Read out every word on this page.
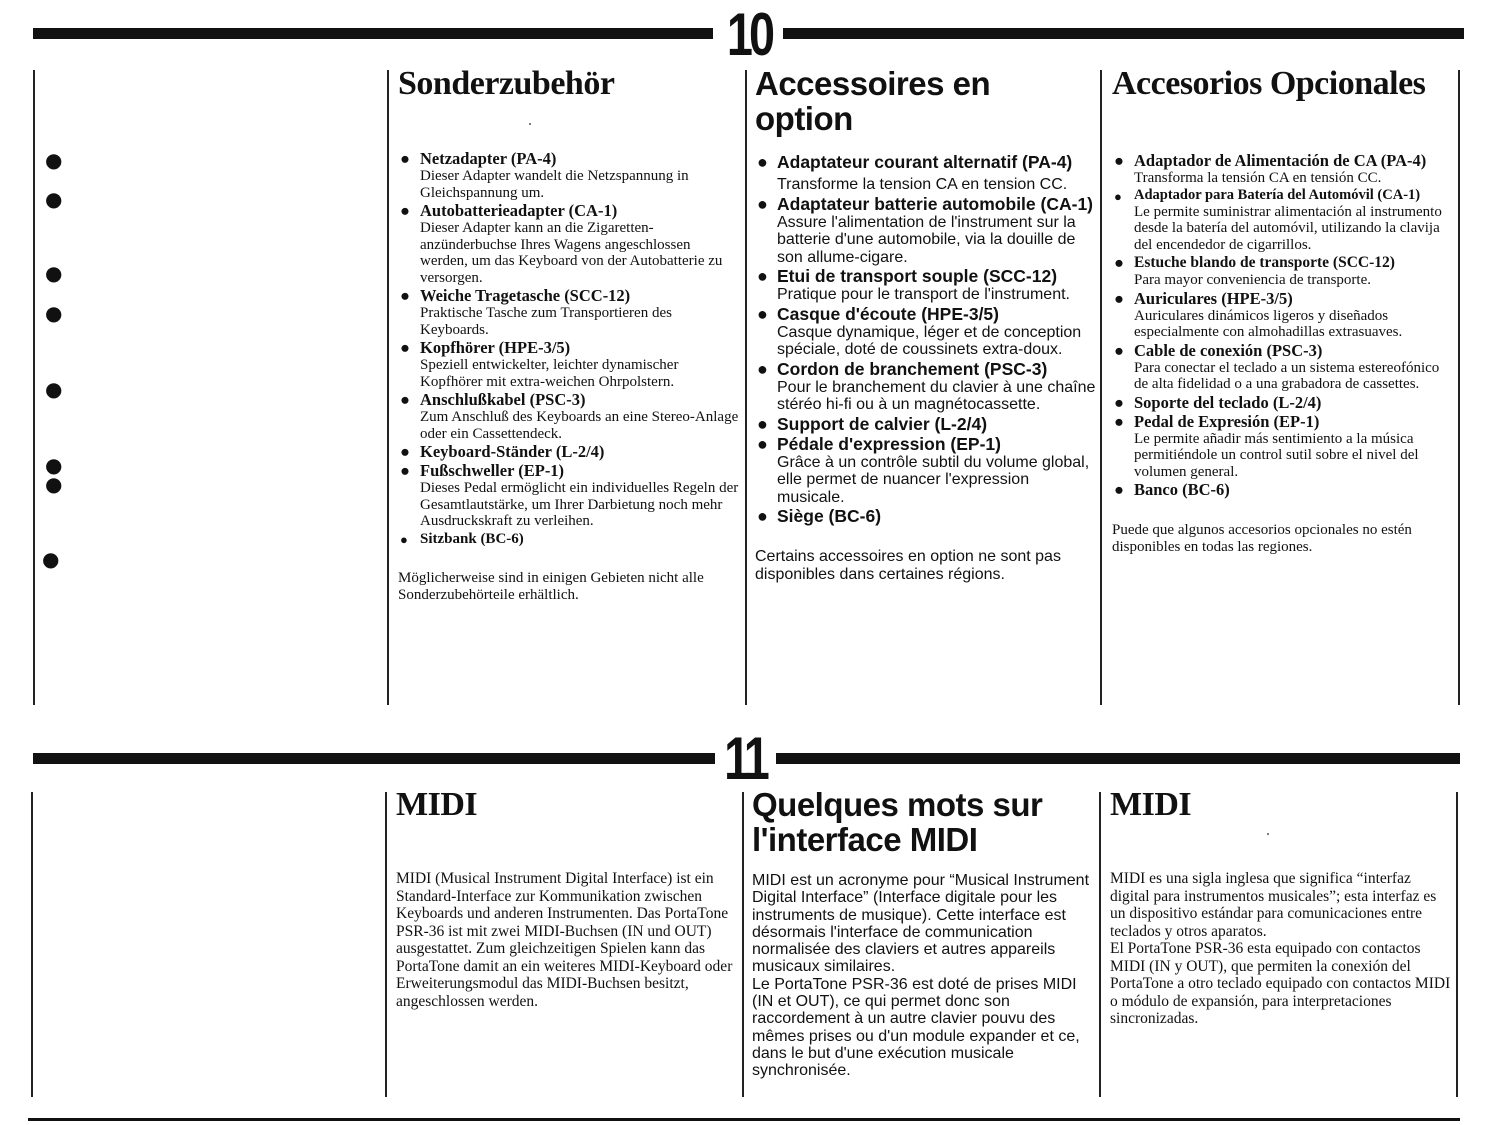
10
●
●
●
●
●
●
●
●
Sonderzubehör
● Netzadapter (PA-4)
Dieser Adapter wandelt die Netzspannung in Gleichspannung um.
● Autobatterieadapter (CA-1)
Dieser Adapter kann an die Zigarettenanzünderbuchse Ihres Wagens angeschlossen werden, um das Keyboard von der Autobatterie zu versorgen.
● Weiche Tragetasche (SCC-12)
Praktische Tasche zum Transportieren des Keyboards.
● Kopfhörer (HPE-3/5)
Speziell entwickelter, leichter dynamischer Kopfhörer mit extra-weichen Ohrpolstern.
● Anschlußkabel (PSC-3)
Zum Anschluß des Keyboards an eine Stereo-Anlage oder ein Cassettendeck.
● Keyboard-Ständer (L-2/4)
● Fußschweller (EP-1)
Dieses Pedal ermöglicht ein individuelles Regeln der Gesamtlautstärke, um Ihrer Darbietung noch mehr Ausdruckskraft zu verleihen.
● Sitzbank (BC-6)

Möglicherweise sind in einigen Gebieten nicht alle Sonderzubehörteile erhältlich.

Accessoires en option
● Adaptateur courant alternatif (PA-4)
Transforme la tension CA en tension CC.
● Adaptateur batterie automobile (CA-1)
Assure l'alimentation de l'instrument sur la batterie d'une automobile, via la douille de son allume-cigare.
● Etui de transport souple (SCC-12)
Pratique pour le transport de l'instrument.
● Casque d'écoute (HPE-3/5)
Casque dynamique, léger et de conception spéciale, doté de coussinets extra-doux.
● Cordon de branchement (PSC-3)
Pour le branchement du clavier à une chaîne stéréo hi-fi ou à un magnétocassette.
● Support de calvier (L-2/4)
● Pédale d'expression (EP-1)
Grâce à un contrôle subtil du volume global, elle permet de nuancer l'expression musicale.
● Siège (BC-6)

Certains accessoires en option ne sont pas disponibles dans certaines régions.

Accesorios Opcionales
● Adaptador de Alimentación de CA (PA-4)
Transforma la tensión CA en tensión CC.
● Adaptador para Batería del Automóvil (CA-1)
Le permite suministrar alimentación al instrumento desde la batería del automóvil, utilizando la clavija del encendedor de cigarrillos.
● Estuche blando de transporte (SCC-12)
Para mayor conveniencia de transporte.
● Auriculares (HPE-3/5)
Auriculares dinámicos ligeros y diseñados especialmente con almohadillas extrasuaves.
● Cable de conexión (PSC-3)
Para conectar el teclado a un sistema estereofónico de alta fidelidad o a una grabadora de cassettes.
● Soporte del teclado (L-2/4)
● Pedal de Expresión (EP-1)
Le permite añadir más sentimiento a la música permitiéndole un control sutil sobre el nivel del volumen general.
● Banco (BC-6)

Puede que algunos accesorios opcionales no estén disponibles en todas las regiones.

11
MIDI

MIDI (Musical Instrument Digital Interface) ist ein Standard-Interface zur Kommunikation zwischen Keyboards und anderen Instrumenten. Das PortaTone PSR-36 ist mit zwei MIDI-Buchsen (IN und OUT) ausgestattet. Zum gleichzeitigen Spielen kann das PortaTone damit an ein weiteres MIDI-Keyboard oder Erweiterungsmodul das MIDI-Buchsen besitzt, angeschlossen werden.

Quelques mots sur l'interface MIDI

MIDI est un acronyme pour “Musical Instrument Digital Interface” (Interface digitale pour les instruments de musique). Cette interface est désormais l'interface de communication normalisée des claviers et autres appareils musicaux similaires.

Le PortaTone PSR-36 est doté de prises MIDI (IN et OUT), ce qui permet donc son raccordement à un autre clavier pouvu des mêmes prises ou d'un module expander et ce, dans le but d'une exécution musicale synchronisée.

MIDI

MIDI es una sigla inglesa que significa “interfaz digital para instrumentos musicales”; esta interfaz es un dispositivo estándar para comunicaciones entre teclados y otros aparatos.

El PortaTone PSR-36 esta equipado con contactos MIDI (IN y OUT), que permiten la conexión del PortaTone a otro teclado equipado con contactos MIDI o módulo de expansión, para interpretaciones sincronizadas.
